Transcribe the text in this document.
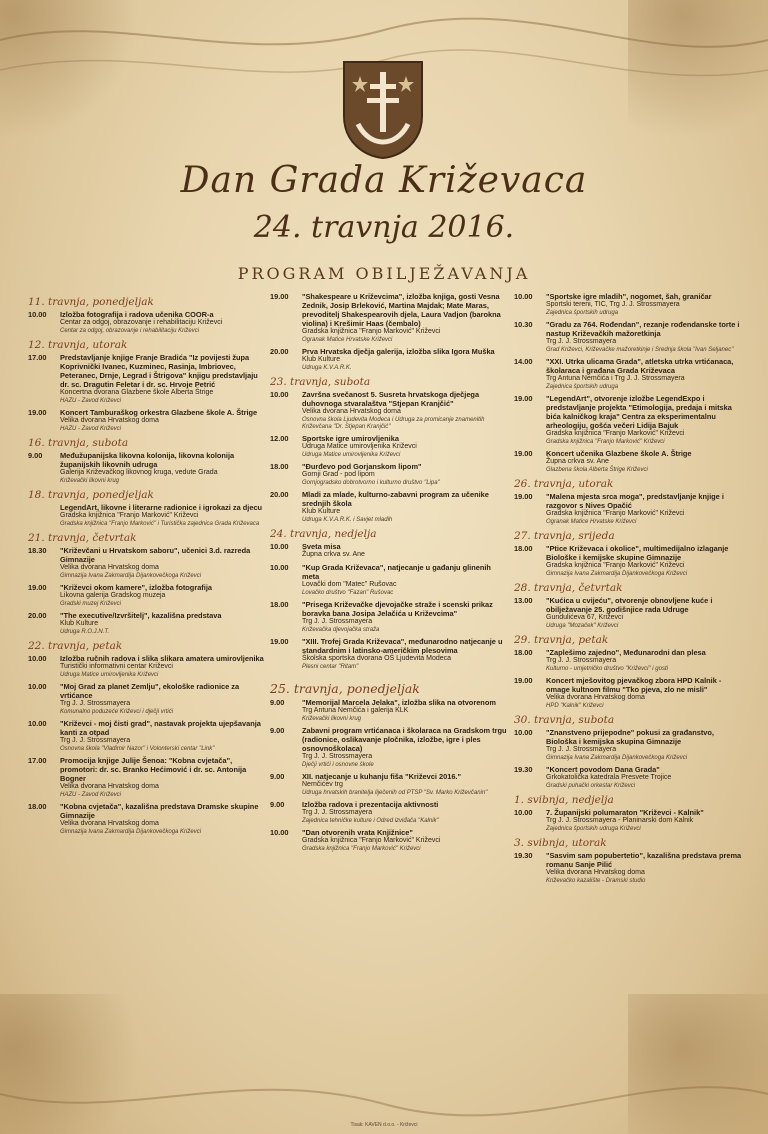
Dan Grada Križevaca
24. travnja 2016.
PROGRAM OBILJEŽAVANJA
11. travnja, ponedjeljak
10.00	Izložba fotografija i radova učenika COOR-a
Centar za odgoj, obrazovanje i rehabilitaciju Križevci
Centar za odgoj, obrazovanje i rehabilitaciju Križevci
12. travnja, utorak
17.00	Predstavljanje knjige Franje Bradića "Iz povijesti župa Koprivnički Ivanec, Kuzminec, Rasinja, Imbriovec, Peteranec, Drnje, Legrad i Štrigova" knjigu predstavljaju dr. sc. Dragutin Feletar i dr. sc. Hrvoje Petrić
Koncertna dvorana Glazbene škole Alberta Štrige
HAZU - Zavod Križevci
19.00	Koncert Tamburaškog orkestra Glazbene škole A. Štrige
Velika dvorana Hrvatskog doma
HAZU - Zavod Križevci
16. travnja, subota
9.00	Međužupanijska likovna kolonija, likovna kolonija županijskih likovnih udruga
Galerija Križevačkog likovnog kruga, vedute Grada
Križevački likovni krug
18. travnja, ponedjeljak
LegendArt, likovne i literarne radionice i igrokazi za djecu
Gradska knjižnica "Franjo Marković" Križevci
Gradska knjižnica "Franjo Marković" i Turistička zajednica Grada Križevaca
21. travnja, četvrtak
18.30	"Križevčani u Hrvatskom saboru", učenici 3.d. razreda Gimnazije
Velika dvorana Hrvatskog doma
Gimnazija Ivana Zakmardija Dijankovečkoga Križevci
19.00	"Križevci okom kamere", izložba fotografija
Likovna galerija Gradskog muzeja
Gradski muzej Križevci
20.00	"The executive/Izvršitelj", kazališna predstava
Klub Kulture
Udruga R.O.J.N.T.
22. travnja, petak
10.00	Izložba ručnih radova i slika slikara amatera umirovljenika
Turistički informativni centar Križevci
Udruga Matice umirovljenika Križevci
10.00	"Moj Grad za planet Zemlju", ekološke radionice za vrtićance
Trg J. J. Strossmayera
Komunalno poduzeće Križevci i dječji vrtići
10.00	"Križevci - moj čisti grad", nastavak projekta ujepšavanja kanti za otpad
Trg J. J. Strossmayera
Osnovna škola "Vladimir Nazor" i Volonterski centar "Link"
17.00	Promocija knjige Julije Šenoa: "Kobna cvjetača", promotori: dr. sc. Branko Hećimović i dr. sc. Antonija Bogner
Velika dvorana Hrvatskog doma
HAZU - Zavod Križevci
18.00	"Kobna cvjetača", kazališna predstava Dramske skupine Gimnazije
Velika dvorana Hrvatskog doma
Gimnazija Ivana Zakmardija Dijankovečkoga Križevci
19.00	"Shakespeare u Križevcima", izložba knjiga, gosti Vesna Zednik, Josip Brleković, Martina Majdak; Mate Maras, prevoditelj Shakespearovih djela, Laura Vadjon (barokna violina) i Krešimir Haas (čembalo)
Gradska knjižnica "Franjo Marković" Križevci
Ogranak Matice Hrvatske Križevci
20.00	Prva Hrvatska dječja galerija, izložba slika Igora Muška
Klub Kulture
Udruga K.V.A.R.K.
23. travnja, subota
10.00	Završna svečanost 5. Susreta hrvatskoga dječjega duhovnoga stvaralaštva "Stjepan Kranjčić"
Velika dvorana Hrvatskog doma
Osnovna škola Ljudevita Modeca i Udruga za promicanje znamenitih Križevčana "Dr. Stjepan Kranjčić"
12.00	Sportske igre umirovljenika
Udruga Matice umirovljenika Križevci
Udruga Matice umirovljenika Križevci
18.00	"Đurđevo pod Gorjanskom lipom"
Gornji Grad - pod lipom
Gornjogradsko dobrotvorno i kulturno društvo "Lipa"
20.00	Mladi za mlade, kulturno-zabavni program za učenike srednjih škola
Klub Kulture
Udruga K.V.A.R.K. i Savjet mladih
24. travnja, nedjelja
10.00	Sveta misa
Župna crkva sv. Ane
10.00	"Kup Grada Križevaca", natjecanje u gađanju glinenih meta
Lovački dom "Matec" Rušovac
Lovačko društvo "Fazan" Rušovac
18.00	"Prisega Križevačke djevojačke straže i scenski prikaz boravka bana Josipa Jelačića u Križevcima"
Trg J. J. Strossmayera
Križevačka djevojačka straža
19.00	"XIII. Trofej Grada Križevaca", međunarodno natjecanje u standardnim i latinsko-američkim plesovima
Školska sportska dvorana OŠ Ljudevita Modeca
Plesni centar "Ritam"
25. travnja, ponedjeljak
9.00	"Memorijal Marcela Jelaka", izložba slika na otvorenom
Trg Antuna Nemčića i galerija KLK
Križevački likovni krug
9.00	Zabavni program vrtićanaca i školaraca na Gradskom trgu (radionice, oslikavanje pločnika, izložbe, igre i ples osnovnoškolaca)
Trg J. J. Strossmayera
Dječji vrtići i osnovne škole
9.00	XII. natjecanje u kuhanju fiša "Križevci 2016."
Nemčićev trg
Udruga hrvatskih branitelja liječenih od PTSP "Sv. Marko Križevčanin"
9.00	Izložba radova i prezentacija aktivnosti
Trg J. J. Strossmayera
Zajednica tehničke kulture i Odred izviđača "Kalnik"
10.00	"Dan otvorenih vrata Knjižnice"
Gradska knjižnica "Franjo Marković" Križevci
Gradska knjižnica "Franjo Marković" Križevci
10.00	"Sportske igre mladih", nogomet, šah, graničar
Sportski tereni, TIC, Trg J. J. Strossmayera
Zajednica športskih udruga
10.30	"Gradu za 764. Rođendan", rezanje rođendanske torte i nastup Križevačkih mažoretkinja
Trg J. J. Strossmayera
Grad Križevci, Križevačke mažoretkinje i Srednja škola "Ivan Seljanec"
14.00	"XXI. Utrka ulicama Grada", atletska utrka vrtićanaca, školaraca i građana Grada Križevaca
Trg Antuna Nemčića i Trg J. J. Strossmayera
Zajednica športskih udruga
19.00	"LegendArt", otvorenje izložbe LegendExpo i predstavljanje projekta "Etimologija, predaja i mitska bića kalničkog kraja" Centra za eksperimentalnu arheologiju, gošća večeri Lidija Bajuk
Gradska knjižnica "Franjo Marković" Križevci
Gradska knjižnica "Franjo Marković" Križevci
19.00	Koncert učenika Glazbene škole A. Štrige
Župna crkva sv. Ane
Glazbena škola Alberta Štrige Križevci
26. travnja, utorak
19.00	"Malena mjesta srca moga", predstavljanje knjige i razgovor s Nives Opačić
Gradska knjižnica "Franjo Marković" Križevci
Ogranak Matice Hrvatske Križevci
27. travnja, srijeda
18.00	"Ptice Križevaca i okolice", multimedijalno izlaganje Biološke i kemijske skupine Gimnazije
Gradska knjižnica "Franjo Marković" Križevci
Gimnazija Ivana Zakmardija Dijankovečkoga Križevci
28. travnja, četvrtak
13.00	"Kućica u cvijeću", otvorenje obnovljene kuće i obilježavanje 25. godišnjice rada Udruge
Gundulićeva 67, Križevci
Udruga "Mozaček" Križevci
29. travnja, petak
18.00	"Zaplešimo zajedno", Međunarodni dan plesa
Trg J. J. Strossmayera
Kulturno - umjetničko društvo "Križevci" i gosti
19.00	Koncert mješovitog pjevačkog zbora HPD Kalnik - omage kultnom filmu "Tko pjeva, zlo ne misli"
Velika dvorana Hrvatskog doma
HPD "Kalnik" Križevci
30. travnja, subota
10.00	"Znanstveno prijepodne" pokusi za građanstvo, Biološka i kemijska skupina Gimnazije
Trg J. J. Strossmayera
Gimnazija Ivana Zakmardija Dijankovečkoga Križevci
19.30	"Koncert povodom Dana Grada"
Grkokatolička katedrala Presvete Trojice
Gradski puhački orkestar Križevci
1. svibnja, nedjelja
10.00	7. Županijski polumaraton "Križevci - Kalnik"
Trg J. J. Strossmayera - Planinarski dom Kalnik
Zajednica športskih udruga Križevci
3. svibnja, utorak
19.30	"Sasvim sam popubertetio", kazališna predstava prema romanu Sanje Pilić
Velika dvorana Hrvatskog doma
Križevačko kazalište - Dramski studio
Tisak: KAVEN d.o.o. - Križevci
